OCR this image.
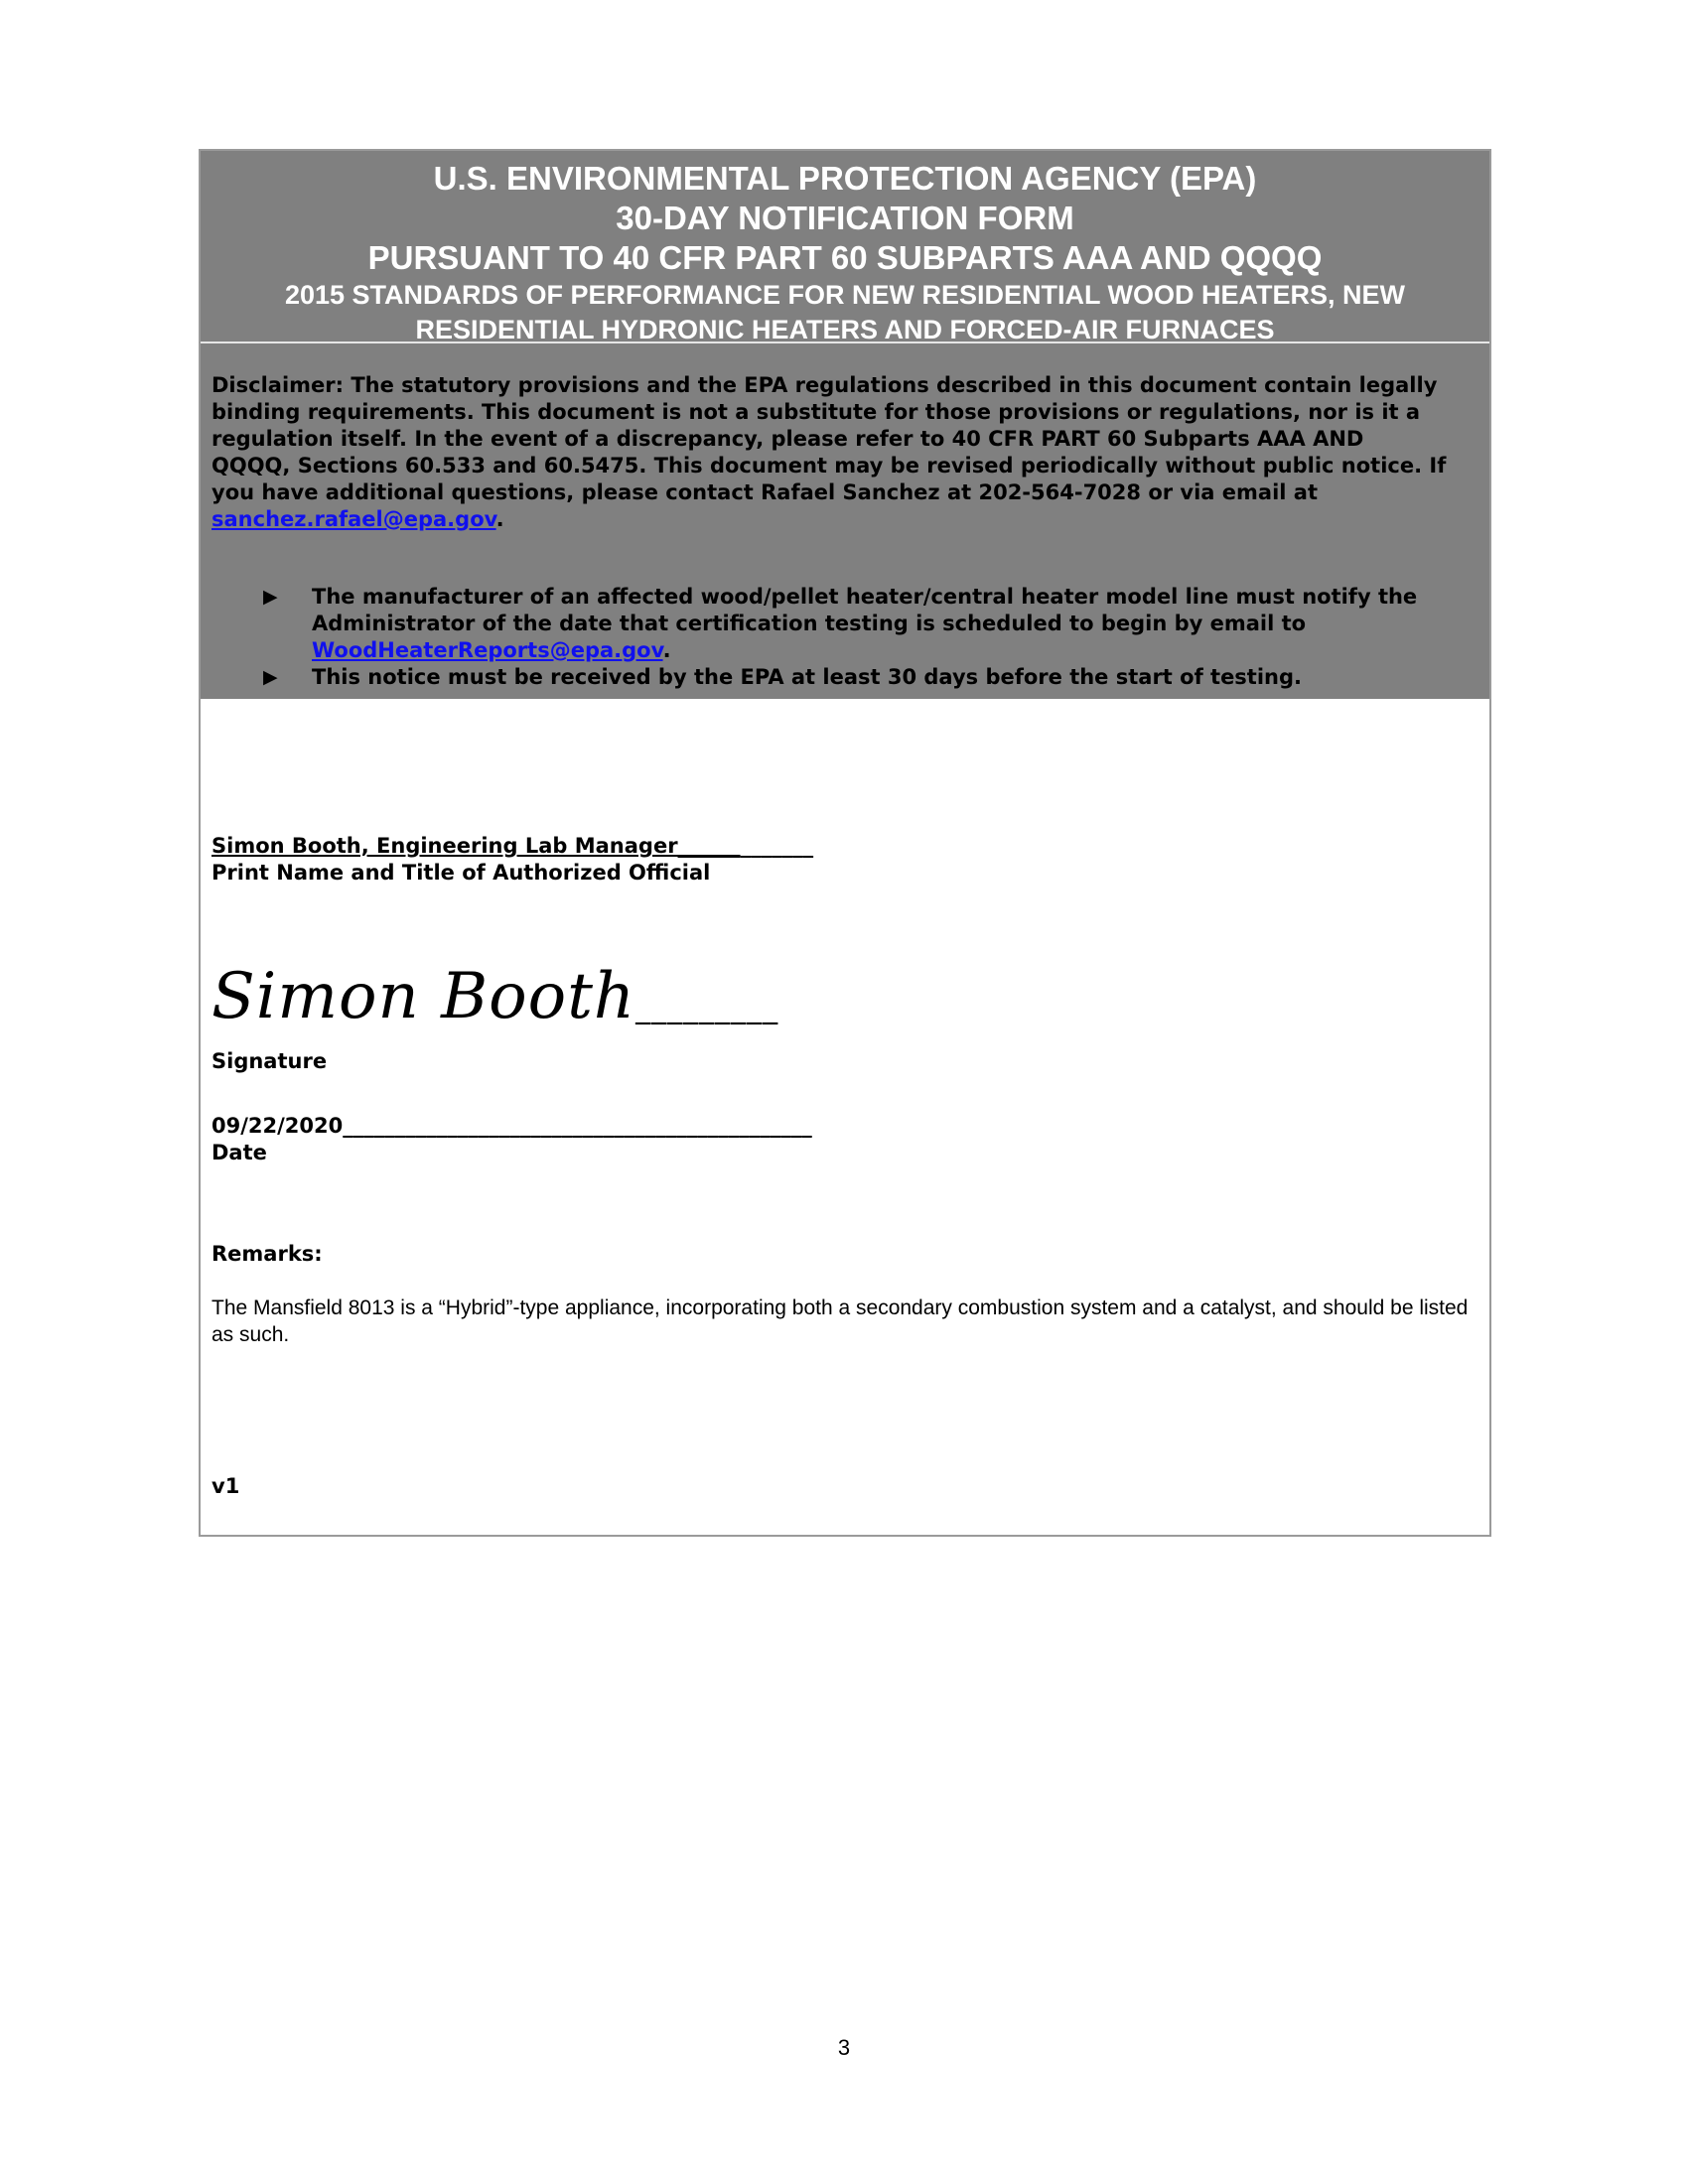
U.S. ENVIRONMENTAL PROTECTION AGENCY (EPA)
30-DAY NOTIFICATION FORM
PURSUANT TO 40 CFR PART 60 SUBPARTS AAA AND QQQQ
2015 STANDARDS OF PERFORMANCE FOR NEW RESIDENTIAL WOOD HEATERS, NEW
RESIDENTIAL HYDRONIC HEATERS AND FORCED-AIR FURNACES

Disclaimer: The statutory provisions and the EPA regulations described in this document contain legally binding requirements. This document is not a substitute for those provisions or regulations, nor is it a regulation itself. In the event of a discrepancy, please refer to 40 CFR PART 60 Subparts AAA AND QQQQ, Sections 60.533 and 60.5475. This document may be revised periodically without public notice. If you have additional questions, please contact Rafael Sanchez at 202-564-7028 or via email at sanchez.rafael@epa.gov.

▶ The manufacturer of an affected wood/pellet heater/central heater model line must notify the Administrator of the date that certification testing is scheduled to begin by email to WoodHeaterReports@epa.gov.
▶ This notice must be received by the EPA at least 30 days before the start of testing.
Simon Booth, Engineering Lab Manager_____________
Print Name and Title of Authorized Official
Simon Booth_________
Signature
09/22/2020_____________________________________________
Date
Remarks:
The Mansfield 8013 is a “Hybrid”-type appliance, incorporating both a secondary combustion system and a catalyst, and should be listed as such.
v1
3
